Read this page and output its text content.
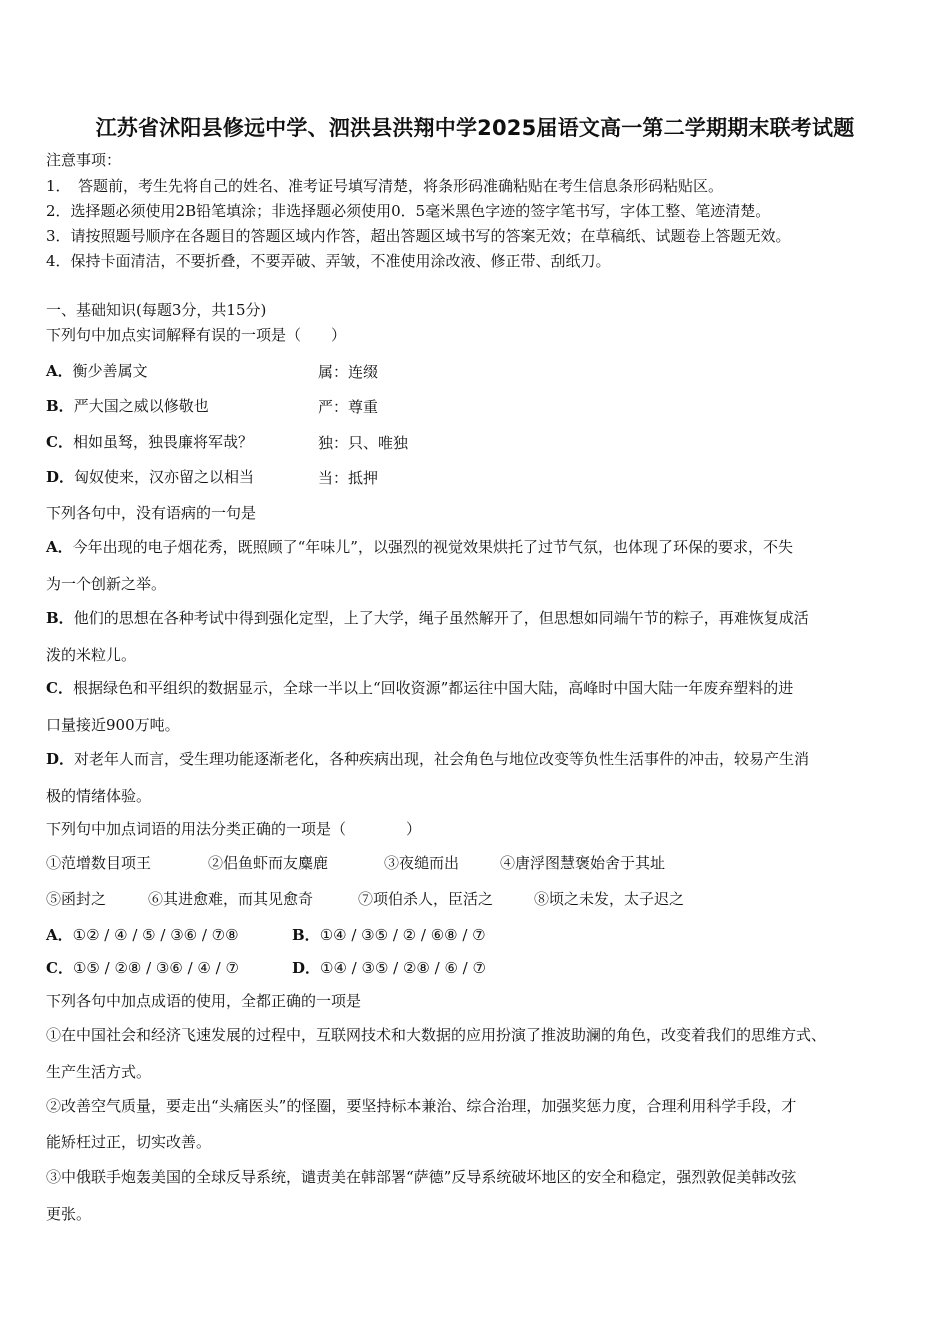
江苏省沭阳县修远中学、泗洪县洪翔中学2025届语文高一第二学期期末联考试题
注意事项：
1．　答题前，考生先将自己的姓名、准考证号填写清楚，将条形码准确粘贴在考生信息条形码粘贴区。
2．选择题必须使用2B铅笔填涂；非选择题必须使用0．5毫米黑色字迹的签字笔书写，字体工整、笔迹清楚。
3．请按照题号顺序在各题目的答题区域内作答，超出答题区域书写的答案无效；在草稿纸、试题卷上答题无效。
4．保持卡面清洁，不要折叠，不要弄破、弄皱，不准使用涂改液、修正带、刮纸刀。
一、基础知识(每题3分，共15分)
下列句中加点实词解释有误的一项是（　　）
A．衡少善属文	属：连缀
B．严大国之威以修敬也	严：尊重
C．相如虽驽，独畏廉将军哉？	独：只、唯独
D．匈奴使来，汉亦留之以相当	当：抵押
下列各句中，没有语病的一句是
A．今年出现的电子烟花秀，既照顾了“年味儿”，以强烈的视觉效果烘托了过节气氛，也体现了环保的要求，不失
为一个创新之举。
B．他们的思想在各种考试中得到强化定型，上了大学，绳子虽然解开了，但思想如同端午节的粽子，再难恢复成活
泼的米粒儿。
C．根据绿色和平组织的数据显示，全球一半以上“回收资源”都运往中国大陆，高峰时中国大陆一年废弃塑料的进
口量接近900万吨。
D．对老年人而言，受生理功能逐渐老化，各种疾病出现，社会角色与地位改变等负性生活事件的冲击，较易产生消
极的情绪体验。
下列句中加点词语的用法分类正确的一项是（　　　　）
①范增数目项王	②侣鱼虾而友麋鹿	③夜缒而出	④唐浮图慧褒始舍于其址
⑤函封之	⑥其进愈难，而其见愈奇	⑦项伯杀人，臣活之	⑧顷之未发，太子迟之
A．①② / ④ / ⑤ / ③⑥ / ⑦⑧	B．①④ / ③⑤ / ② / ⑥⑧ / ⑦
C．①⑤ / ②⑧ / ③⑥ / ④ / ⑦	D．①④ / ③⑤ / ②⑧ / ⑥ / ⑦
下列各句中加点成语的使用，全都正确的一项是
①在中国社会和经济飞速发展的过程中，互联网技术和大数据的应用扮演了推波助澜的角色，改变着我们的思维方式、
生产生活方式。
②改善空气质量，要走出“头痛医头”的怪圈，要坚持标本兼治、综合治理，加强奖惩力度，合理利用科学手段，才
能矫枉过正，切实改善。
③中俄联手炮轰美国的全球反导系统，谴责美在韩部署“萨德”反导系统破坏地区的安全和稳定，强烈敦促美韩改弦
更张。
